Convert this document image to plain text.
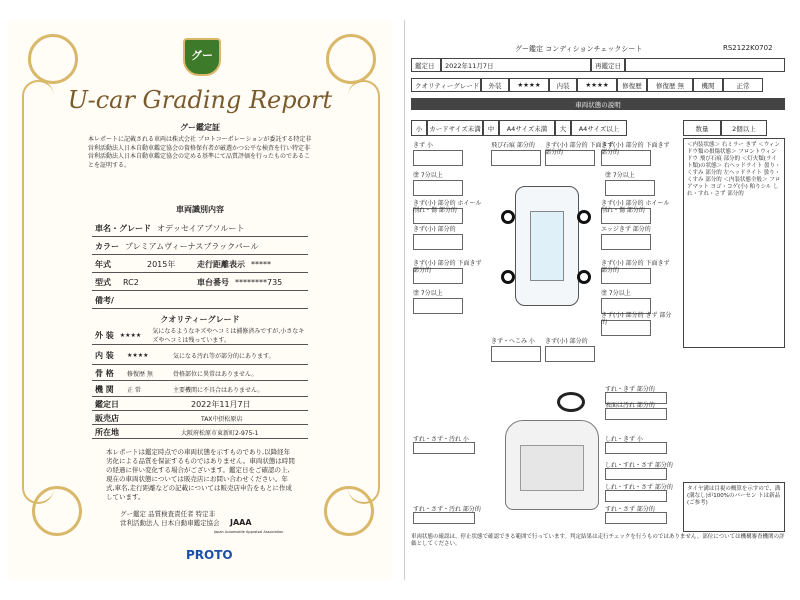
グー
U-car Grading Report
グー鑑定証
本レポートに記載される車両は株式会社 プロトコーポレーションが委託する特定非営利活動法人日本自動車鑑定協会の資格保有者が厳選かつ公平な検査を行い特定非営利活動法人日本自動車鑑定協会の定める基準にて品質評価を行ったものであることを証明する。
車両識別内容
車名・グレード オデッセイアブソルート
カラー プレミアムヴィーナスブラックパール
年式	2015年	走行距離表示 *****
型式	RC2	車台番号 ********735
備考/
クオリティーグレード
外 装	★★★★	気になるようなキズやヘコミは補修済みですが,小さなキズやヘコミは残っています。
内 装	★★★★	気になる汚れ等が部分的にあります。
骨 格	修復歴 無	骨格部位に異常はありません。
機 関	正 常	主要機関に不具合はありません。
鑑定日	2022年11月7日
販売店	TAX中摂松原店
所在地	大阪府松原市東新町2-975-1
本レポートは鑑定時点での車両状態を示すものであり,以降経年劣化による品質を保証するものではありません。車両状態は時間の経過に伴い変化する場合がございます。鑑定日をご確認の上,現在の車両状態については販売店にお問い合わせください。年式,車名,走行距離などの記載については販売店申告をもとに作成しています。
グー鑑定 品質検査責任者 特定非営利活動法人 日本自動車鑑定協会 JAAA
Japan Automobile Appraisal Association
PROTO
グー鑑定 コンディションチェックシート	RS2122K0702
鑑定日	2022年11月7日	再鑑定日
クオリティーグレード	外装	★★★★	内装	★★★★	修復歴	修復歴 無	機関	正常
車両状態の説明
小	カードサイズ未満	中	A4サイズ未満	大	A4サイズ以上	数量	2個以上
＜内装状態＞ 右ミラー きず ＜ウィンドウ類の損傷状態＞ フロントウィンドウ 飛び石痕 部分的 ＜灯火類(ライト類)の状態＞ 右ヘッドライト 曇り・くすみ 部分的 左ヘッドライト 曇り・くすみ 部分的 ＜内装状態全般＞ フロアマット ヨゴ・コゲ(小) 粕りシル しれ・すれ・さず 部分的
きず 小	飛び石痕 部分的 きず(小) 部分的 下面きず 部分的
きず(小) 部分的 下面きず 部分的
塗 7分以上
きず(小) 部分的 ホイール削れ・傷 部分的
塗 7分以上
きず(小) 部分的 ホイール削れ・傷 部分的
きず(小) 部分的	エッジきず 部分的
きず(小) 部分的 下面きず 部分的
きず(小) 部分的 下面きず 部分的
塗 7分以上	塗 7分以上
きず・へこみ 小 きず(小) 部分的
きず(小) 部分的 きず 部分的
すれ・きず 部分的
表面は汚れ 部分的
すれ・さず・汚れ 小	しれ・きず 小
しれ・すれ・さず 部分的
しれ・すれ・さず 部分的
すれ・さず・汚れ 部分的	すれ・さず 部分的
タイヤ溝は目視の概算を示すので、溝(溝なし)が100%のパーセン トは新品(ご参考)
車両状態の確認は、停止状態で確認できる範囲で行っています。判定結果は走行チェックを行うものではありません。部位については機構審査機関の評価としてください。
